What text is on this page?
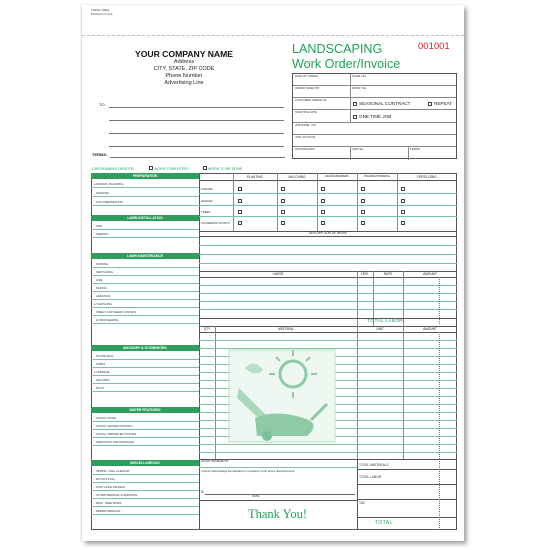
LS60C-1NEG
Printed in U.S.A.
YOUR COMPANY NAME
Address
CITY, STATE, ZIP CODE
Phone Number
Advertising Line
LANDSCAPING
Work Order/Invoice
001001
TO:
TERMS:
DATE OF ORDER	HOME TEL
ORDER TAKEN BY	WORK TEL
CUSTOMER ORDER NO
SEASONAL CONTRACT	REPEAT
STARTING DATE
ONE TIME JOB
JOB NAME / NO
JOB LOCATION
INVOICE DATE	JOB TEL	TERMS
CHECKMARKS DENOTE:	WORK COMPLETED	WORK TO BE DONE
PREPARATION
▸ DESIGN / PLANNING
GRADING
SOIL PREPARATION
LAWN INSTALLATION
SOD
SEEDING
LAWN MAINTENANCE
MOWING
FERTILIZING
LIME
RAKING
AERATION
▸ THATCHING
INSECT AND WEED CONTROL
HYDROSEEDING
MASONRY & STONEWORK
STONE WALL
STEPS
▸ TERRACE
WALKWAY
PATIO
WATER FEATURES
INSTALL POND
INSTALL WATER FOUNTAIN
INSTALL SPRINKLER SYSTEM
IRRIGATION AND DRAINAGE
MISCELLANEOUS
SPRING / FALL CLEANUP
ROTOTILLING
POST HOLE DIGGING
STUMP REMOVAL & GRINDING
MISC. TREE WORK
DEBRIS REMOVAL
PLANTING	MULCHING	EDGING/BORDERS	PRUNING/TRIMMING	FERTILIZING
SHRUBS
HEDGES
TREES
FLOWERING PLANTS
DESCRIPTION OF WORK
LABOR	HRS.	RATE	AMOUNT
TOTAL LABOR
QTY	MATERIAL	UNIT	AMOUNT
WORK ORDERED BY
I hereby acknowledge the satisfactory completion of the above described work.
X
DATE
Thank You!
TOTAL MATERIALS
TOTAL LABOR
TAX
TOTAL
